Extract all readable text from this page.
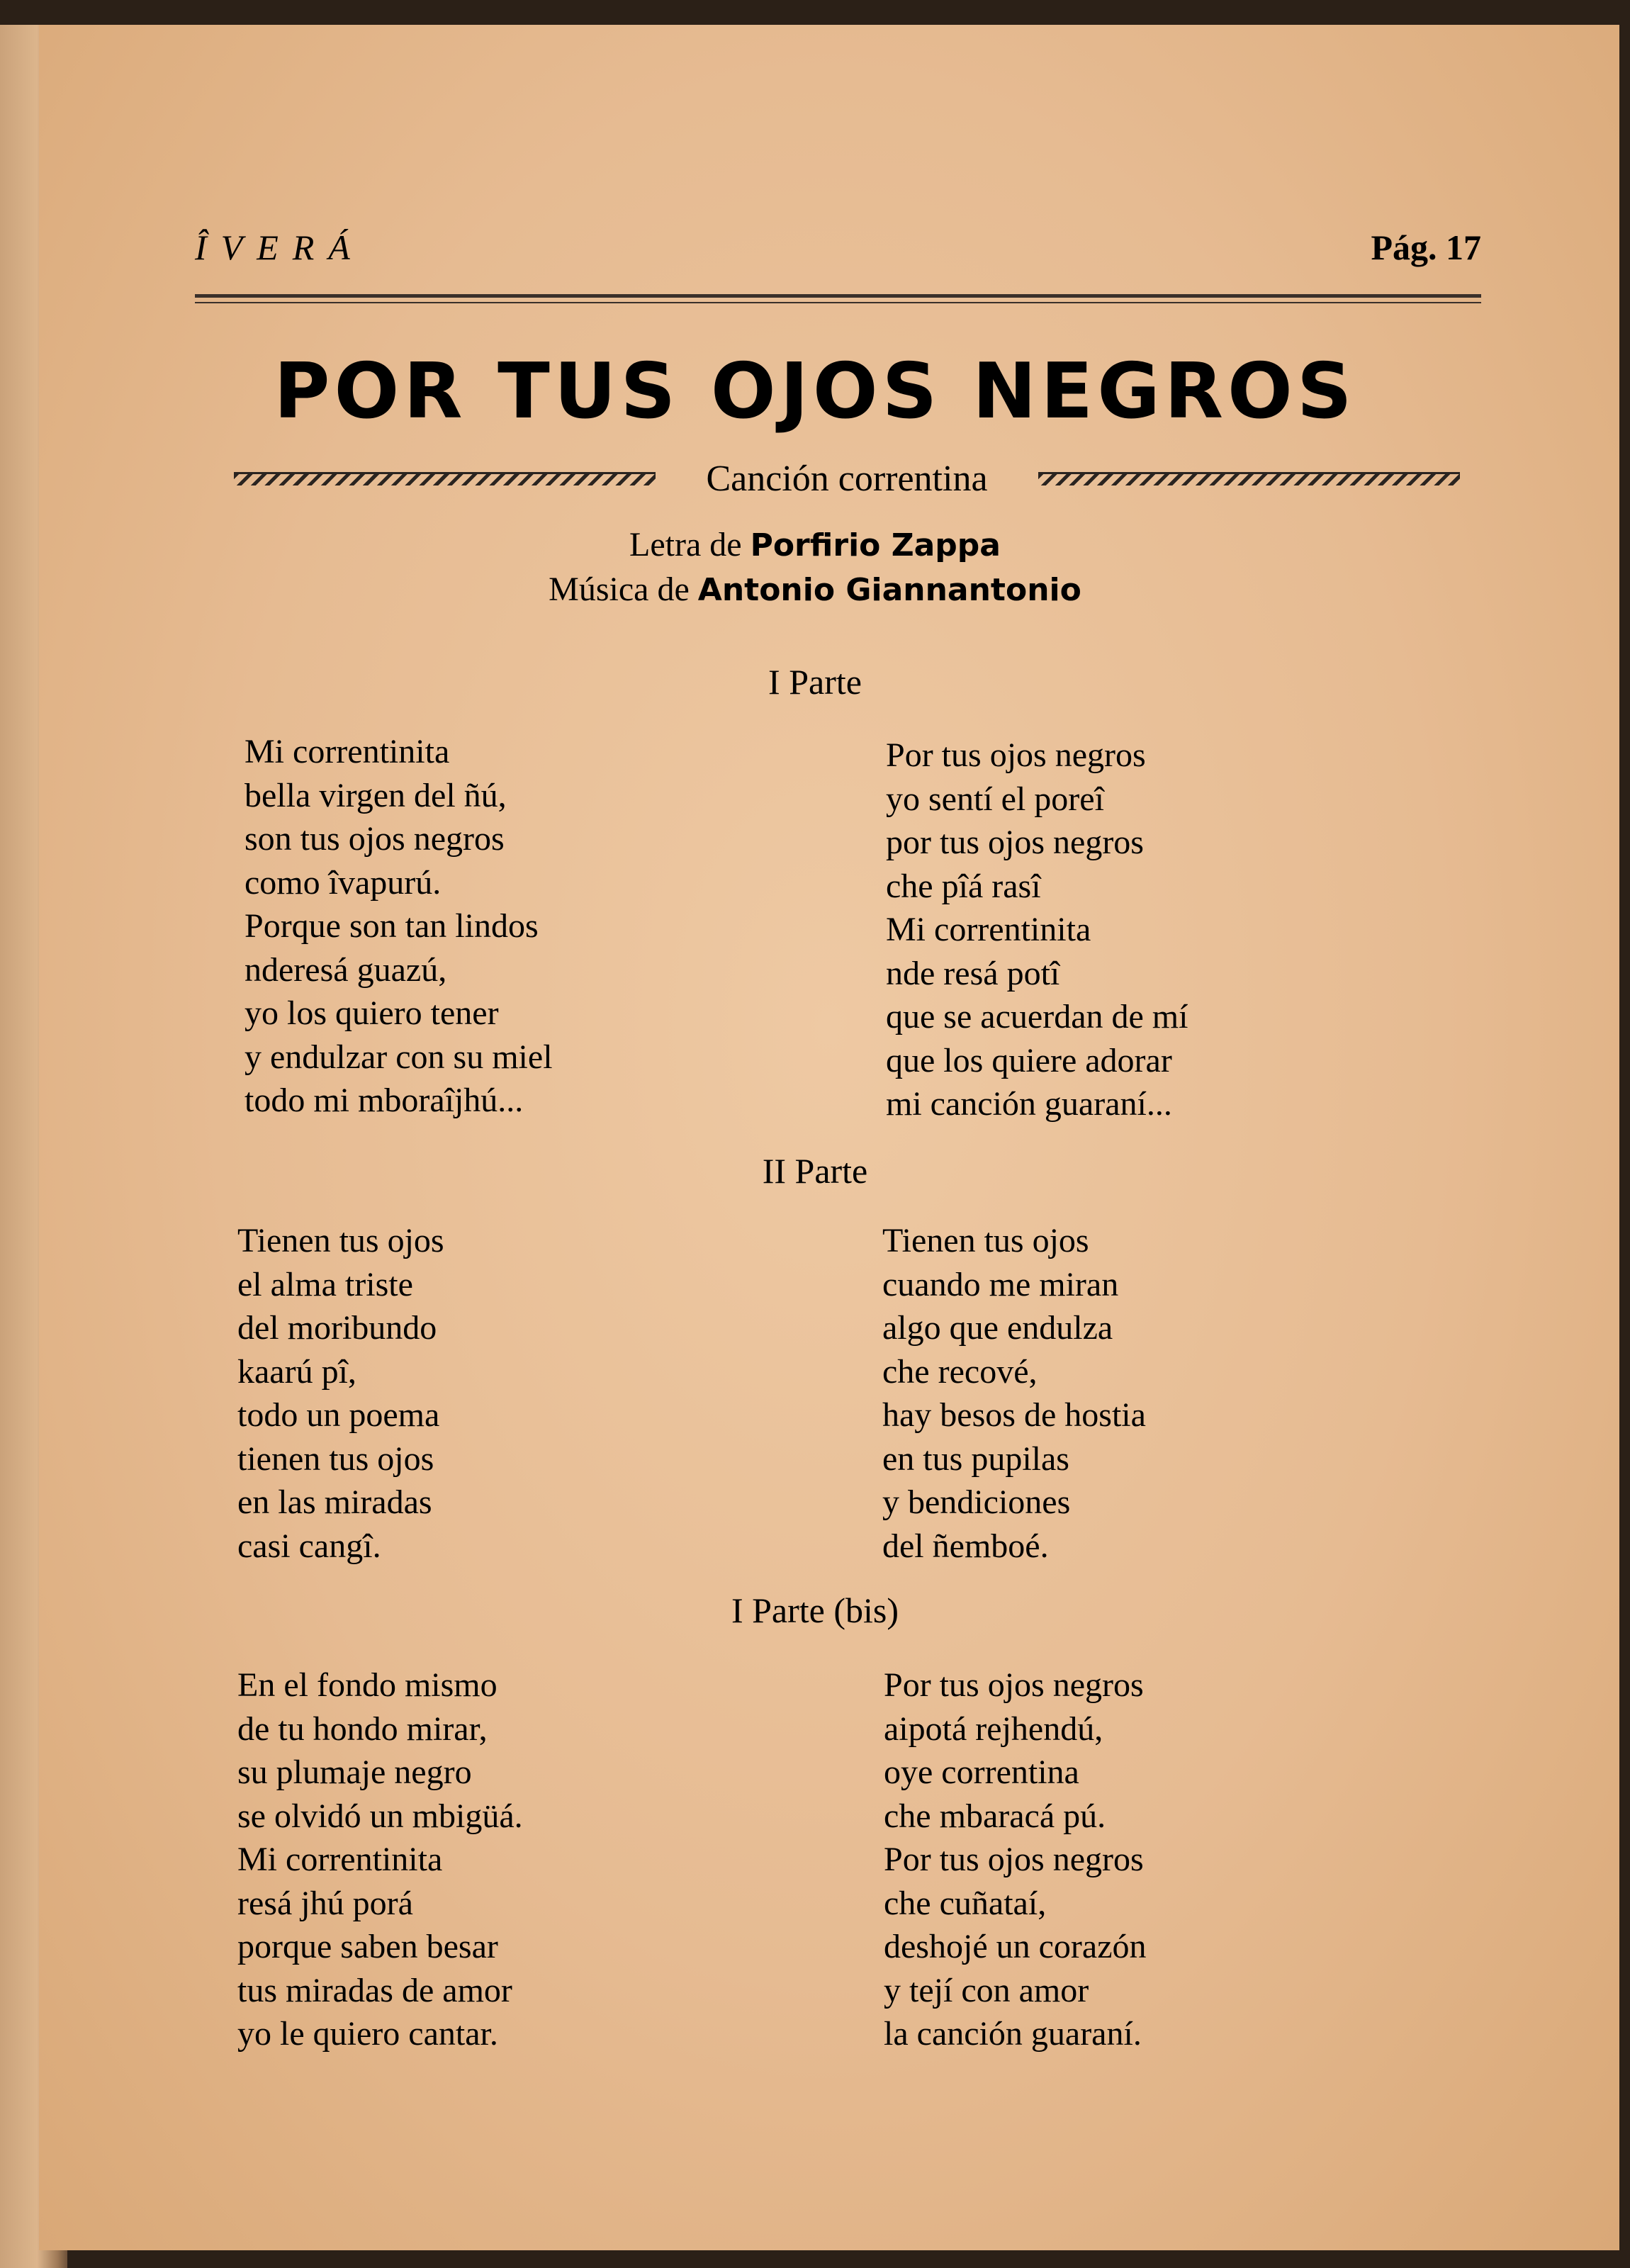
ÎVERÁ	Pág. 17
POR TUS OJOS NEGROS
Canción correntina
Letra de Porfirio Zappa
Música de Antonio Giannantonio
I Parte
Mi correntinita
bella virgen del ñú,
son tus ojos negros
como îvapurú.
Porque son tan lindos
nderesá guazú,
yo los quiero tener
y endulzar con su miel
todo mi mboraîjhú...
Por tus ojos negros
yo sentí el poreî
por tus ojos negros
che pîá rasî
Mi correntinita
nde resá potî
que se acuerdan de mí
que los quiere adorar
mi canción guaraní...
II Parte
Tienen tus ojos
el alma triste
del moribundo
kaarú pî,
todo un poema
tienen tus ojos
en las miradas
casi cangî.
Tienen tus ojos
cuando me miran
algo que endulza
che recové,
hay besos de hostia
en tus pupilas
y bendiciones
del ñemboé.
I Parte (bis)
En el fondo mismo
de tu hondo mirar,
su plumaje negro
se olvidó un mbigüá.
Mi correntinita
resá jhú porá
porque saben besar
tus miradas de amor
yo le quiero cantar.
Por tus ojos negros
aipotá rejhendú,
oye correntina
che mbaracá pú.
Por tus ojos negros
che cuñataí,
deshojé un corazón
y tejí con amor
la canción guaraní.
